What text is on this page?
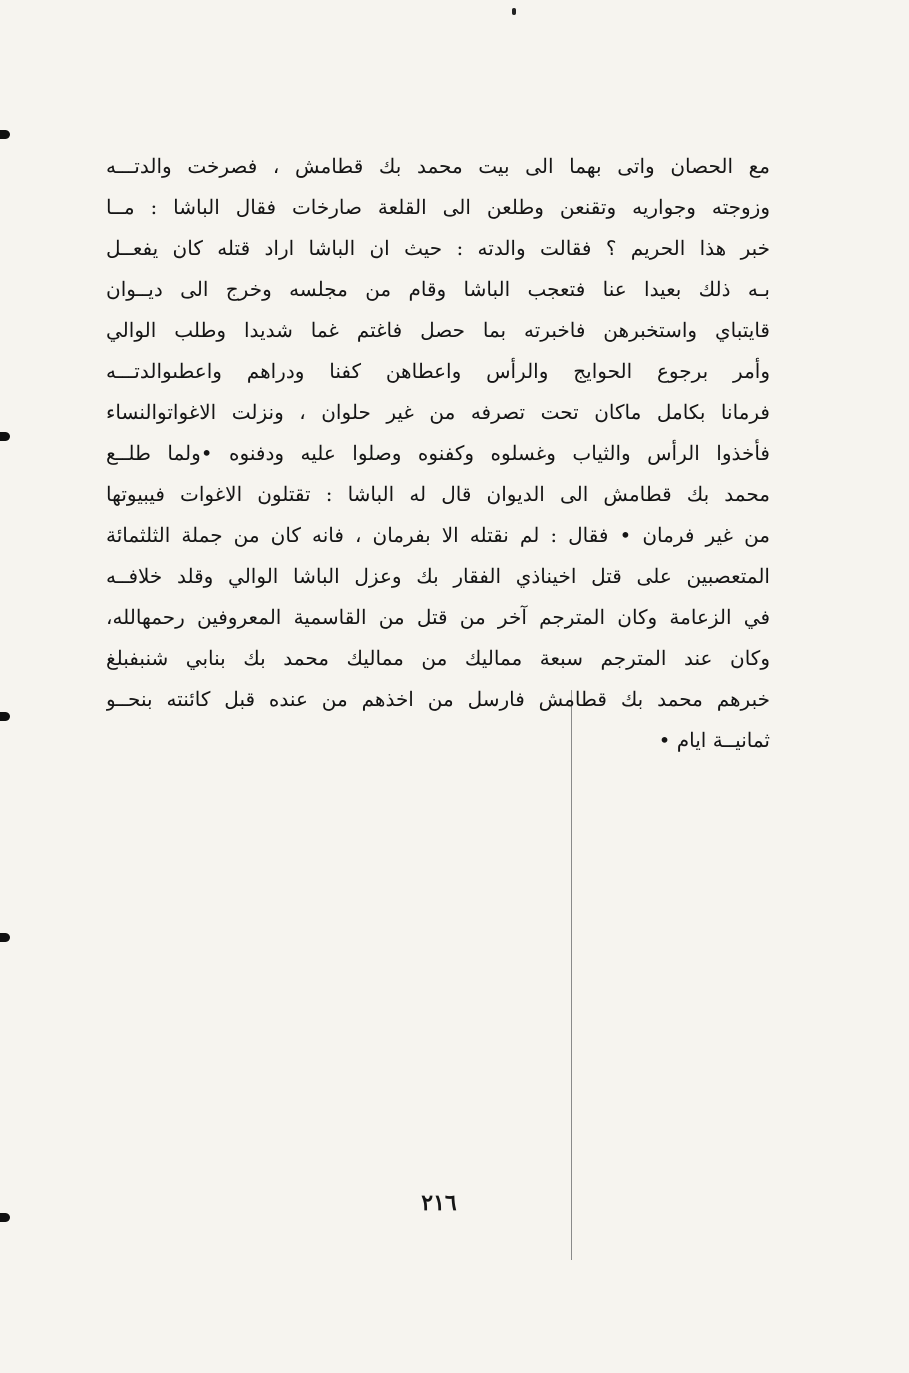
مع الحصان واتى بهما الى بيت محمد بك قطامش ، فصرخت والدتـــه
وزوجته وجواريه وتقنعن وطلعن الى القلعة صارخات فقال الباشا : مــا
خبر هذا الحريم ؟ فقالت والدته : حيث ان الباشا اراد قتله كان يفعــل
بـه ذلك بعيدا عنا فتعجب الباشا وقام من مجلسه وخرج الى ديــوان
قايتباي واستخبرهن فاخبرته بما حصل فاغتم غما شديدا وطلب الوالي
وأمر برجوع الحوايج والرأس واعطاهن كفنا ودراهم واعطىوالدتـــه
فرمانا بكامل ماكان تحت تصرفه من غير حلوان ، ونزلت الاغواتوالنساء
فأخذوا الرأس والثياب وغسلوه وكفنوه وصلوا عليه ودفنوه •ولما طلــع
محمد بك قطامش الى الديوان قال له الباشا : تقتلون الاغوات فيبيوتها
من غير فرمان • فقال : لم نقتله الا بفرمان ، فانه كان من جملة الثلثمائة
المتعصبين على قتل اخيناذي الفقار بك وعزل الباشا الوالي وقلد خلافــه
في الزعامة وكان المترجم آخر من قتل من القاسمية المعروفين رحمهالله،
وكان عند المترجم سبعة مماليك من مماليك محمد بك بنابي شنبفبلغ
خبرهم محمد بك قطامش فارسل من اخذهم من عنده قبل كائنته بنحــو
ثمانيــة ايام •
٢١٦
